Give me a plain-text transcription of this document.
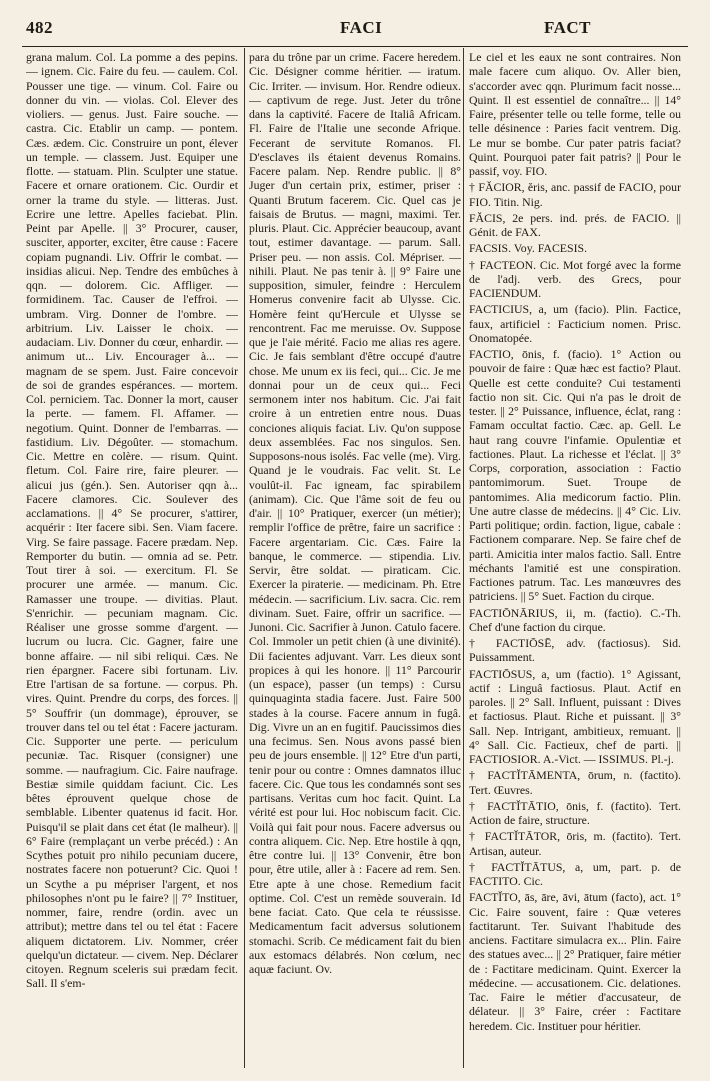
482	FACI	FACT

grana malum. Col. La pomme a des pepins. — ignem. Cic. Faire du feu. — caulem. Col. Pousser une tige. — vinum. Col. Faire ou donner du vin. — violas. Col. Elever des violiers. — genus. Just. Faire souche. — castra. Cic. Etablir un camp. — pontem. Cæs. ædem. Cic. Construire un pont, élever un temple. — classem. Just. Equiper une flotte. — statuam. Plin. Sculpter une statue. Facere et ornare orationem. Cic. Ourdir et orner la trame du style. — litteras. Just. Ecrire une lettre. Apelles faciebat. Plin. Peint par Apelle. || 3° Procurer, causer, susciter, apporter, exciter, être cause : Facere copiam pugnandi. Liv. Offrir le combat. — insidias alicui. Nep. Tendre des embûches à qqn. — dolorem. Cic. Affliger. — formidinem. Tac. Causer de l'effroi. — umbram. Virg. Donner de l'ombre. — arbitrium. Liv. Laisser le choix. — audaciam. Liv. Donner du cœur, enhardir. — animum ut... Liv. Encourager à... — magnam de se spem. Just. Faire concevoir de soi de grandes espérances. — mortem. Col. perniciem. Tac. Donner la mort, causer la perte. — famem. Fl. Affamer. — negotium. Quint. Donner de l'embarras. — fastidium. Liv. Dégoûter. — stomachum. Cic. Mettre en colère. — risum. Quint. fletum. Col. Faire rire, faire pleurer. — alicui jus (gén.). Sen. Autoriser qqn à... Facere clamores. Cic. Soulever des acclamations. || 4° Se procurer, s'attirer, acquérir : Iter facere sibi. Sen. Viam facere. Virg. Se faire passage. Facere prædam. Nep. Remporter du butin. — omnia ad se. Petr. Tout tirer à soi. — exercitum. Fl. Se procurer une armée. — manum. Cic. Ramasser une troupe. — divitias. Plaut. S'enrichir. — pecuniam magnam. Cic. Réaliser une grosse somme d'argent. — lucrum ou lucra. Cic. Gagner, faire une bonne affaire. — nil sibi reliqui. Cæs. Ne rien épargner. Facere sibi fortunam. Liv. Etre l'artisan de sa fortune. — corpus. Ph. vires. Quint. Prendre du corps, des forces. || 5° Souffrir (un dommage), éprouver, se trouver dans tel ou tel état : Facere jacturam. Cic. Supporter une perte. — periculum pecuniæ. Tac. Risquer (consigner) une somme. — naufragium. Cic. Faire naufrage. Bestiæ simile quiddam faciunt. Cic. Les bêtes éprouvent quelque chose de semblable. Libenter quatenus id facit. Hor. Puisqu'il se plait dans cet état (le malheur). || 6° Faire (remplaçant un verbe précéd.) : An Scythes potuit pro nihilo pecuniam ducere, nostrates facere non potuerunt? Cic. Quoi ! un Scythe a pu mépriser l'argent, et nos philosophes n'ont pu le faire? || 7° Instituer, nommer, faire, rendre (ordin. avec un attribut); mettre dans tel ou tel état : Facere aliquem dictatorem. Liv. Nommer, créer quelqu'un dictateur. — civem. Nep. Déclarer citoyen. Regnum sceleris sui prædam fecit. Sall. Il s'em-

para du trône par un crime. Facere heredem. Cic. Désigner comme héritier. — iratum. Cic. Irriter. — invisum. Hor. Rendre odieux. — captivum de rege. Just. Jeter du trône dans la captivité. Facere de Italiâ Africam. Fl. Faire de l'Italie une seconde Afrique. Fecerant de servitute Romanos. Fl. D'esclaves ils étaient devenus Romains. Facere palam. Nep. Rendre public. || 8° Juger d'un certain prix, estimer, priser : Quanti Brutum facerem. Cic. Quel cas je faisais de Brutus. — magni, maximi. Ter. pluris. Plaut. Cic. Apprécier beaucoup, avant tout, estimer davantage. — parum. Sall. Priser peu. — non assis. Col. Mépriser. — nihili. Plaut. Ne pas tenir à. || 9° Faire une supposition, simuler, feindre : Herculem Homerus convenire facit ab Ulysse. Cic. Homère feint qu'Hercule et Ulysse se rencontrent. Fac me meruisse. Ov. Suppose que je l'aie mérité. Facio me alias res agere. Cic. Je fais semblant d'être occupé d'autre chose. Me unum ex iis feci, qui... Cic. Je me donnai pour un de ceux qui... Feci sermonem inter nos habitum. Cic. J'ai fait croire à un entretien entre nous. Duas conciones aliquis faciat. Liv. Qu'on suppose deux assemblées. Fac nos singulos. Sen. Supposons-nous isolés. Fac velle (me). Virg. Quand je le voudrais. Fac velit. St. Le voulût-il. Fac igneam, fac spirabilem (animam). Cic. Que l'âme soit de feu ou d'air. || 10° Pratiquer, exercer (un métier); remplir l'office de prêtre, faire un sacrifice : Facere argentariam. Cic. Cæs. Faire la banque, le commerce. — stipendia. Liv. Servir, être soldat. — piraticam. Cic. Exercer la piraterie. — medicinam. Ph. Etre médecin. — sacrificium. Liv. sacra. Cic. rem divinam. Suet. Faire, offrir un sacrifice. — Junoni. Cic. Sacrifier à Junon. Catulo facere. Col. Immoler un petit chien (à une divinité). Dii facientes adjuvant. Varr. Les dieux sont propices à qui les honore. || 11° Parcourir (un espace), passer (un temps) : Cursu quinquaginta stadia facere. Just. Faire 500 stades à la course. Facere annum in fugâ. Dig. Vivre un an en fugitif. Paucissimos dies una fecimus. Sen. Nous avons passé bien peu de jours ensemble. || 12° Etre d'un parti, tenir pour ou contre : Omnes damnatos illuc facere. Cic. Que tous les condamnés sont ses partisans. Veritas cum hoc facit. Quint. La vérité est pour lui. Hoc nobiscum facit. Cic. Voilà qui fait pour nous. Facere adversus ou contra aliquem. Cic. Nep. Etre hostile à qqn, être contre lui. || 13° Convenir, être bon pour, être utile, aller à : Facere ad rem. Sen. Etre apte à une chose. Remedium facit optime. Col. C'est un remède souverain. Id bene faciat. Cato. Que cela te réussisse. Medicamentum facit adversus solutionem stomachi. Scrib. Ce médicament fait du bien aux estomacs délabrés. Non cœlum, nec aquæ faciunt. Ov.

Le ciel et les eaux ne sont contraires. Non male facere cum aliquo. Ov. Aller bien, s'accorder avec qqn. Plurimum facit nosse... Quint. Il est essentiel de connaître... || 14° Faire, présenter telle ou telle forme, telle ou telle désinence : Paries facit ventrem. Dig. Le mur se bombe. Cur pater patris faciat? Quint. Pourquoi pater fait patris? || Pour le passif, voy. FIO.

† FĂCIOR, ĕris, anc. passif de FACIO, pour FIO. Titin. Nig.

FĂCIS, 2e pers. ind. prés. de FACIO. || Génit. de FAX.

FACSIS. Voy. FACESIS.

† FACTEON. Cic. Mot forgé avec la forme de l'adj. verb. des Grecs, pour FACIENDUM.

FACTICIUS, a, um (facio). Plin. Factice, faux, artificiel : Facticium nomen. Prisc. Onomatopée.

FACTIO, ōnis, f. (facio). 1° Action ou pouvoir de faire : Quæ hæc est factio? Plaut. Quelle est cette conduite? Cui testamenti factio non sit. Cic. Qui n'a pas le droit de tester. || 2° Puissance, influence, éclat, rang : Famam occultat factio. Cæc. ap. Gell. Le haut rang couvre l'infamie. Opulentiæ et factiones. Plaut. La richesse et l'éclat. || 3° Corps, corporation, association : Factio pantomimorum. Suet. Troupe de pantomimes. Alia medicorum factio. Plin. Une autre classe de médecins. || 4° Cic. Liv. Parti politique; ordin. faction, ligue, cabale : Factionem comparare. Nep. Se faire chef de parti. Amicitia inter malos factio. Sall. Entre méchants l'amitié est une conspiration. Factiones patrum. Tac. Les manœuvres des patriciens. || 5° Suet. Faction du cirque.

FACTIŌNĀRIUS, ii, m. (factio). C.-Th. Chef d'une faction du cirque.

† FACTIŌSĒ, adv. (factiosus). Sid. Puissamment.

FACTIŌSUS, a, um (factio). 1° Agissant, actif : Linguâ factiosus. Plaut. Actif en paroles. || 2° Sall. Influent, puissant : Dives et factiosus. Plaut. Riche et puissant. || 3° Sall. Nep. Intrigant, ambitieux, remuant. || 4° Sall. Cic. Factieux, chef de parti. || FACTIOSIOR. A.-Vict. — ISSIMUS. Pl.-j.

† FACTĬTĀMENTA, ōrum, n. (factito). Tert. Œuvres.

† FACTĬTĀTIO, ōnis, f. (factito). Tert. Action de faire, structure.

† FACTĬTĀTOR, ōris, m. (factito). Tert. Artisan, auteur.

† FACTĬTĀTUS, a, um, part. p. de FACTITO. Cic.

FACTĬTO, ās, āre, āvi, ātum (facto), act. 1° Cic. Faire souvent, faire : Quæ veteres factitarunt. Ter. Suivant l'habitude des anciens. Factitare simulacra ex... Plin. Faire des statues avec... || 2° Pratiquer, faire métier de : Factitare medicinam. Quint. Exercer la médecine. — accusationem. Cic. delationes. Tac. Faire le métier d'accusateur, de délateur. || 3° Faire, créer : Factitare heredem. Cic. Instituer pour héritier.
